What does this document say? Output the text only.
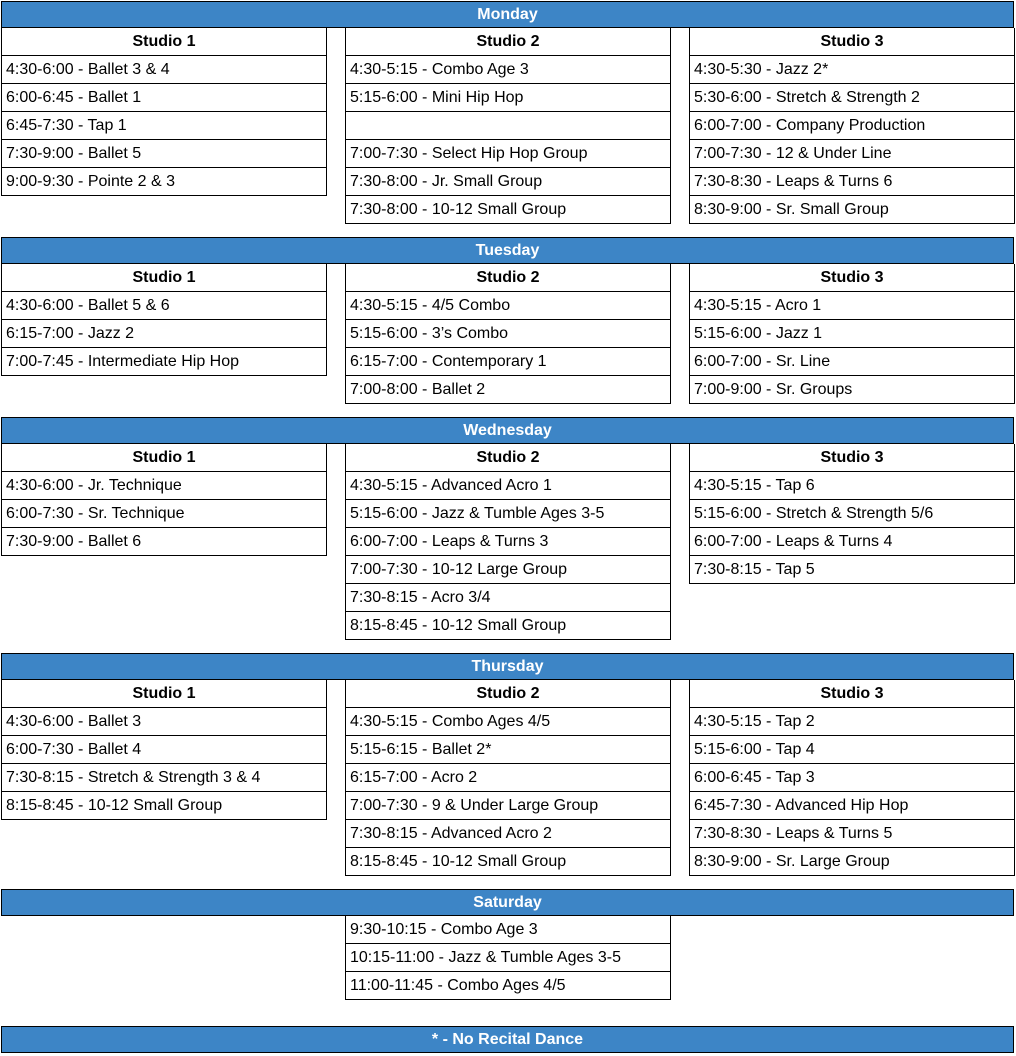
Monday
Studio 1
4:30-6:00 - Ballet 3 & 4
6:00-6:45 - Ballet 1
6:45-7:30 - Tap 1
7:30-9:00 - Ballet 5
9:00-9:30 - Pointe 2 & 3
Studio 2
4:30-5:15 - Combo Age 3
5:15-6:00 - Mini Hip Hop
7:00-7:30 - Select Hip Hop Group
7:30-8:00 - Jr. Small Group
7:30-8:00 - 10-12 Small Group
Studio 3
4:30-5:30 - Jazz 2*
5:30-6:00 - Stretch & Strength 2
6:00-7:00 - Company Production
7:00-7:30 - 12 & Under Line
7:30-8:30 - Leaps & Turns 6
8:30-9:00 - Sr. Small Group
Tuesday
Studio 1
4:30-6:00 - Ballet 5 & 6
6:15-7:00 - Jazz 2
7:00-7:45 - Intermediate Hip Hop
Studio 2
4:30-5:15 - 4/5 Combo
5:15-6:00 - 3’s Combo
6:15-7:00 - Contemporary 1
7:00-8:00 - Ballet 2
Studio 3
4:30-5:15 - Acro 1
5:15-6:00 - Jazz 1
6:00-7:00 - Sr. Line
7:00-9:00 - Sr. Groups
Wednesday
Studio 1
4:30-6:00 - Jr. Technique
6:00-7:30 - Sr. Technique
7:30-9:00 - Ballet 6
Studio 2
4:30-5:15 - Advanced Acro 1
5:15-6:00 - Jazz & Tumble Ages 3-5
6:00-7:00 - Leaps & Turns 3
7:00-7:30 - 10-12 Large Group
7:30-8:15 - Acro 3/4
8:15-8:45 - 10-12 Small Group
Studio 3
4:30-5:15 - Tap 6
5:15-6:00 - Stretch & Strength 5/6
6:00-7:00 - Leaps & Turns 4
7:30-8:15 - Tap 5
Thursday
Studio 1
4:30-6:00 - Ballet 3
6:00-7:30 - Ballet 4
7:30-8:15 - Stretch & Strength 3 & 4
8:15-8:45 - 10-12 Small Group
Studio 2
4:30-5:15 - Combo Ages 4/5
5:15-6:15 - Ballet 2*
6:15-7:00 - Acro 2
7:00-7:30 - 9 & Under Large Group
7:30-8:15 - Advanced Acro 2
8:15-8:45 - 10-12 Small Group
Studio 3
4:30-5:15 - Tap 2
5:15-6:00 - Tap 4
6:00-6:45 - Tap 3
6:45-7:30 - Advanced Hip Hop
7:30-8:30 - Leaps & Turns 5
8:30-9:00 - Sr. Large Group
Saturday
9:30-10:15 - Combo Age 3
10:15-11:00 - Jazz & Tumble Ages 3-5
11:00-11:45 - Combo Ages 4/5
* - No Recital Dance
